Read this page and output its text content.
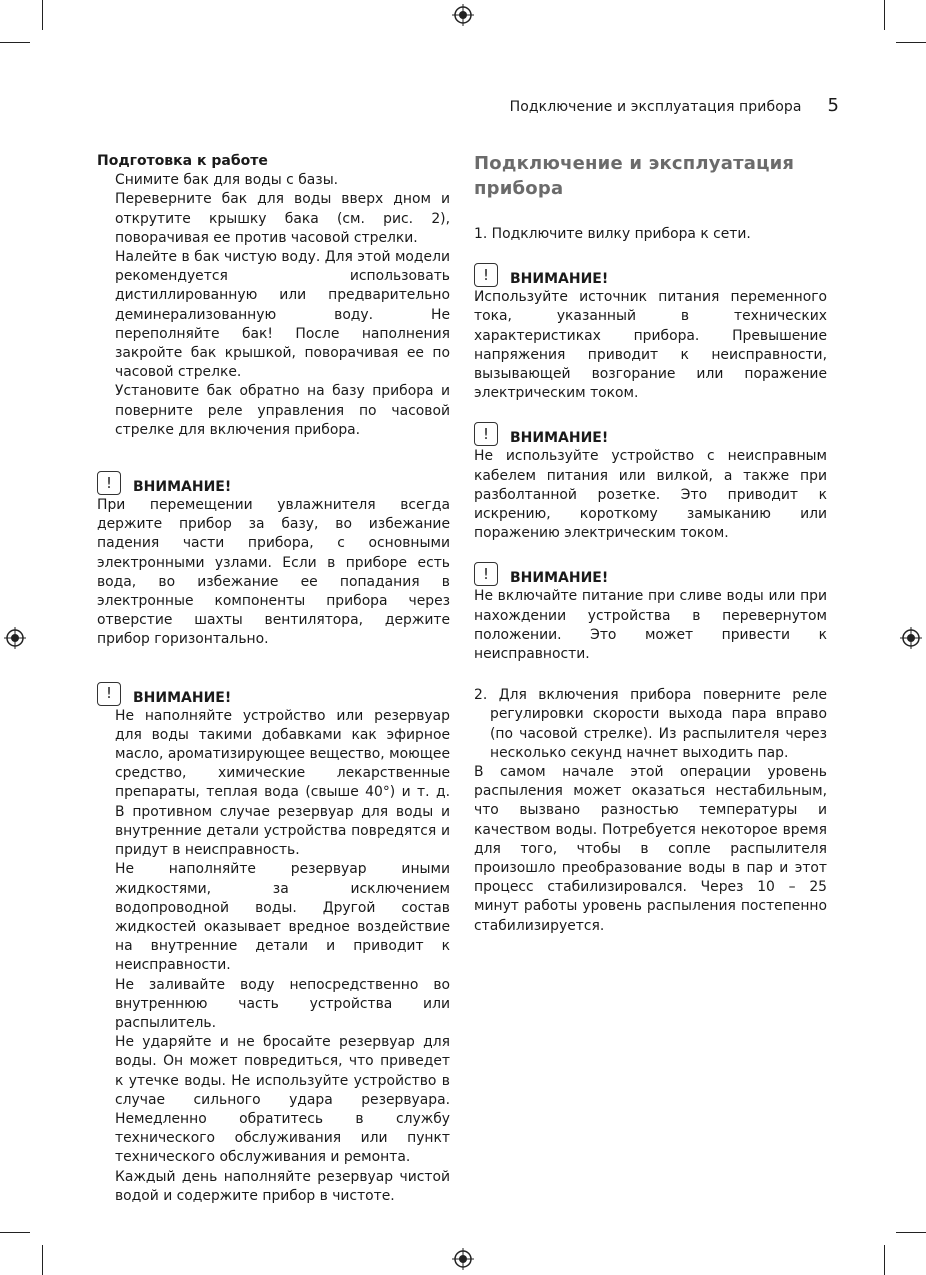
Подключение и эксплуатация прибора 5
Подготовка к работе

Снимите бак для воды с базы.

Переверните бак для воды вверх дном и открутите крышку бака (см. рис. 2), поворачивая ее против часовой стрелки.

Налейте в бак чистую воду. Для этой модели рекомендуется использовать дистиллированную или предварительно деминерализованную воду. Не переполняйте бак! После наполнения закройте бак крышкой, поворачивая ее по часовой стрелке.

Установите бак обратно на базу прибора и поверните реле управления по часовой стрелке для включения прибора.

!	ВНИМАНИЕ!

При перемещении увлажнителя всегда держите прибор за базу, во избежание падения части прибора, с основными электронными узлами. Если в приборе есть вода, во избежание ее попадания в электронные компоненты прибора через отверстие шахты вентилятора, держите прибор горизонтально.

!	ВНИМАНИЕ!

Не наполняйте устройство или резервуар для воды такими добавками как эфирное масло, ароматизирующее вещество, моющее средство, химические лекарственные препараты, теплая вода (свыше 40°) и т. д. В противном случае резервуар для воды и внутренние детали устройства повредятся и придут в неисправность.

Не наполняйте резервуар иными жидкостями, за исключением водопроводной воды. Другой состав жидкостей оказывает вредное воздействие на внутренние детали и приводит к неисправности.

Не заливайте воду непосредственно во внутреннюю часть устройства или распылитель.

Не ударяйте и не бросайте резервуар для воды. Он может повредиться, что приведет к утечке воды. Не используйте устройство в случае сильного удара резервуара. Немедленно обратитесь в службу технического обслуживания или пункт технического обслуживания и ремонта.

Каждый день наполняйте резервуар чистой водой и содержите прибор в чистоте.

Подключение и эксплуатация прибора

1. Подключите вилку прибора к сети.

!	ВНИМАНИЕ!

Используйте источник питания переменного тока, указанный в технических характеристиках прибора. Превышение напряжения приводит к неисправности, вызывающей возгорание или поражение электрическим током.

!	ВНИМАНИЕ!

Не используйте устройство с неисправным кабелем питания или вилкой, а также при разболтанной розетке. Это приводит к искрению, короткому замыканию или поражению электрическим током.

!	ВНИМАНИЕ!

Не включайте питание при сливе воды или при нахождении устройства в перевернутом положении. Это может привести к неисправности.

2. Для включения прибора поверните реле регулировки скорости выхода пара вправо (по часовой стрелке). Из распылителя через несколько секунд начнет выходить пар.

В самом начале этой операции уровень распыления может оказаться нестабильным, что вызвано разностью температуры и качеством воды. Потребуется некоторое время для того, чтобы в сопле распылителя произошло преобразование воды в пар и этот процесс стабилизировался. Через 10 – 25 минут работы уровень распыления постепенно стабилизируется.
